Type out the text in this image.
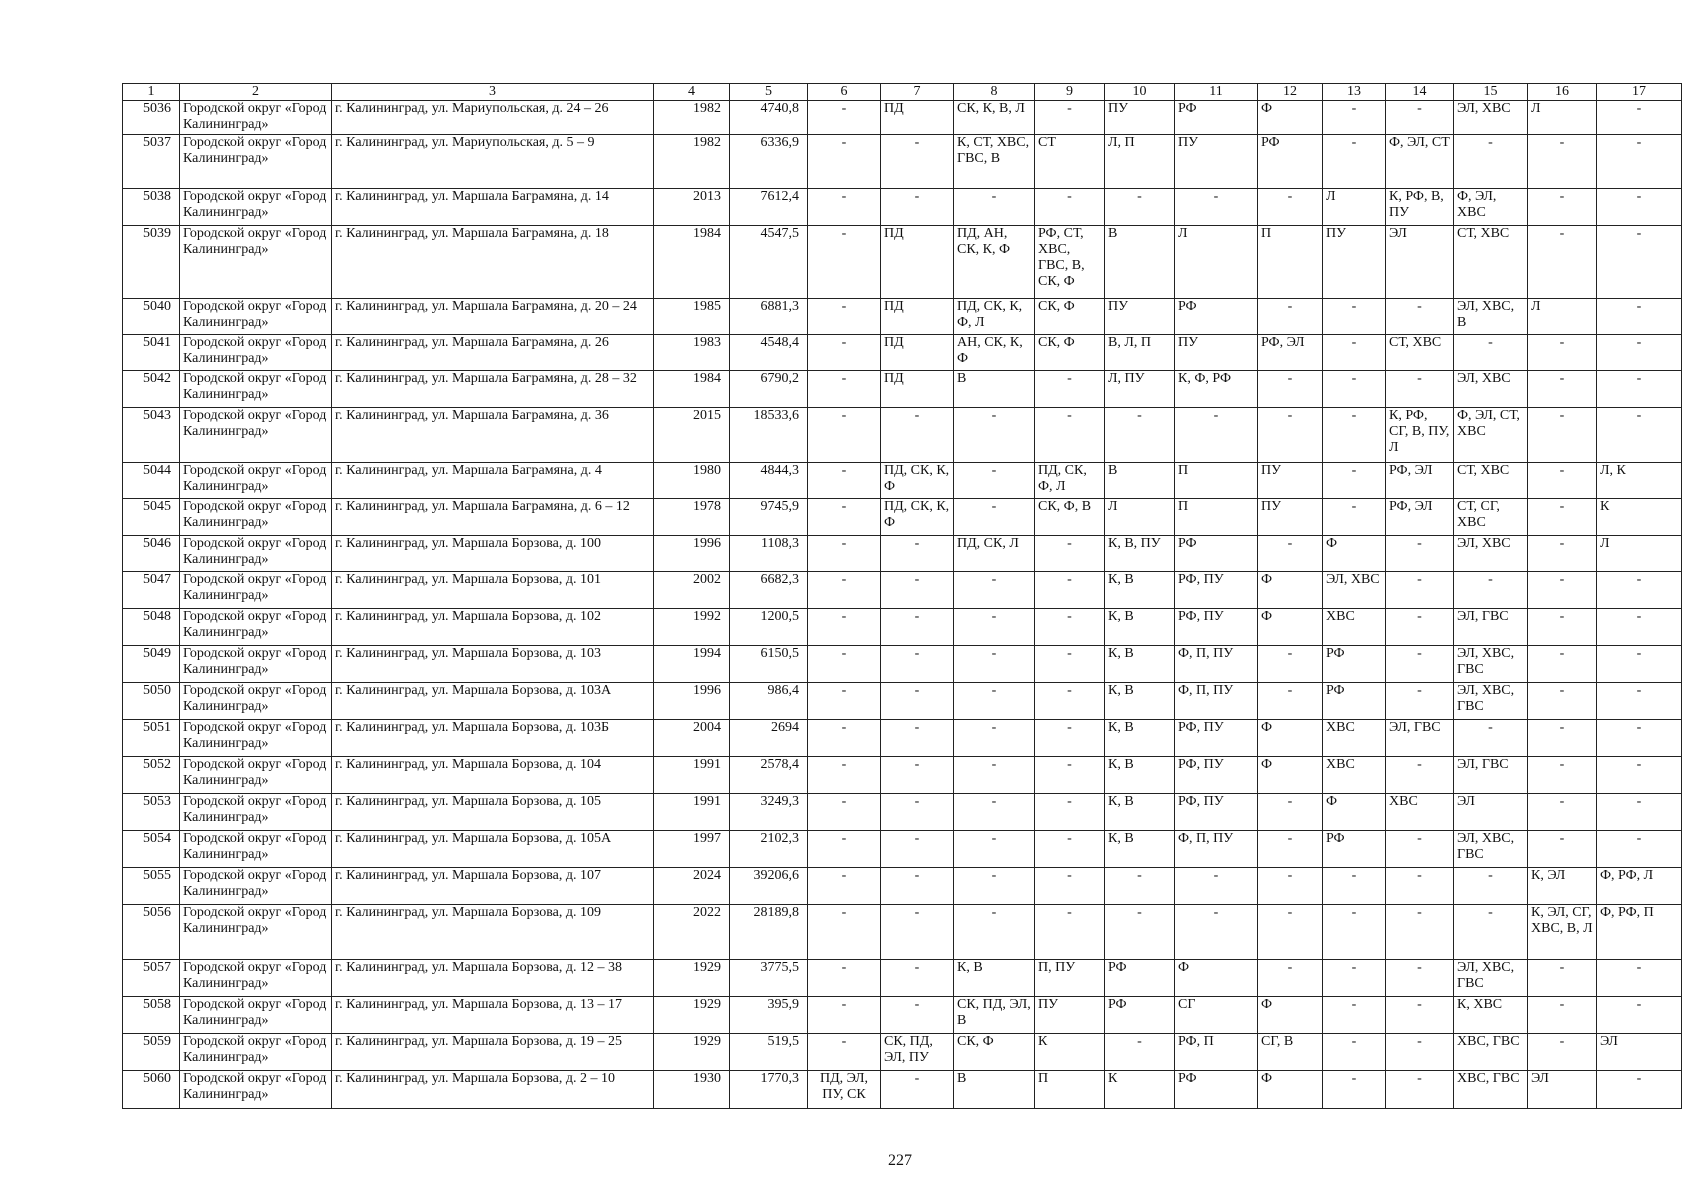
1	2	3	4	5	6	7	8	9	10	11	12	13	14	15	16	17
5036	Городской округ «Город Калининград»	г. Калининград, ул. Мариупольская, д. 24 – 26	1982	4740,8	-	ПД	СК, К, В, Л	-	ПУ	РФ	Ф	-	-	ЭЛ, ХВС	Л	-
5037	Городской округ «Город Калининград»	г. Калининград, ул. Мариупольская, д. 5 – 9	1982	6336,9	-	-	К, СТ, ХВС, ГВС, В	СТ	Л, П	ПУ	РФ	-	Ф, ЭЛ, СТ	-	-	-
5038	Городской округ «Город Калининград»	г. Калининград, ул. Маршала Баграмяна, д. 14	2013	7612,4	-	-	-	-	-	-	-	Л	К, РФ, В, ПУ	Ф, ЭЛ, ХВС	-	-
5039	Городской округ «Город Калининград»	г. Калининград, ул. Маршала Баграмяна, д. 18	1984	4547,5	-	ПД	ПД, АН, СК, К, Ф	РФ, СТ, ХВС, ГВС, В, СК, Ф	В	Л	П	ПУ	ЭЛ	СТ, ХВС	-	-
5040	Городской округ «Город Калининград»	г. Калининград, ул. Маршала Баграмяна, д. 20 – 24	1985	6881,3	-	ПД	ПД, СК, К, Ф, Л	СК, Ф	ПУ	РФ	-	-	-	ЭЛ, ХВС, В	Л	-
5041	Городской округ «Город Калининград»	г. Калининград, ул. Маршала Баграмяна, д. 26	1983	4548,4	-	ПД	АН, СК, К, Ф	СК, Ф	В, Л, П	ПУ	РФ, ЭЛ	-	СТ, ХВС	-	-	-
5042	Городской округ «Город Калининград»	г. Калининград, ул. Маршала Баграмяна, д. 28 – 32	1984	6790,2	-	ПД	В	-	Л, ПУ	К, Ф, РФ	-	-	-	ЭЛ, ХВС	-	-
5043	Городской округ «Город Калининград»	г. Калининград, ул. Маршала Баграмяна, д. 36	2015	18533,6	-	-	-	-	-	-	-	-	К, РФ, СГ, В, ПУ, Л	Ф, ЭЛ, СТ, ХВС	-	-
5044	Городской округ «Город Калининград»	г. Калининград, ул. Маршала Баграмяна, д. 4	1980	4844,3	-	ПД, СК, К, Ф	-	ПД, СК, Ф, Л	В	П	ПУ	-	РФ, ЭЛ	СТ, ХВС	-	Л, К
5045	Городской округ «Город Калининград»	г. Калининград, ул. Маршала Баграмяна, д. 6 – 12	1978	9745,9	-	ПД, СК, К, Ф	-	СК, Ф, В	Л	П	ПУ	-	РФ, ЭЛ	СТ, СГ, ХВС	-	К
5046	Городской округ «Город Калининград»	г. Калининград, ул. Маршала Борзова, д. 100	1996	1108,3	-	-	ПД, СК, Л	-	К, В, ПУ	РФ	-	Ф	-	ЭЛ, ХВС	-	Л
5047	Городской округ «Город Калининград»	г. Калининград, ул. Маршала Борзова, д. 101	2002	6682,3	-	-	-	-	К, В	РФ, ПУ	Ф	ЭЛ, ХВС	-	-	-	-
5048	Городской округ «Город Калининград»	г. Калининград, ул. Маршала Борзова, д. 102	1992	1200,5	-	-	-	-	К, В	РФ, ПУ	Ф	ХВС	-	ЭЛ, ГВС	-	-
5049	Городской округ «Город Калининград»	г. Калининград, ул. Маршала Борзова, д. 103	1994	6150,5	-	-	-	-	К, В	Ф, П, ПУ	-	РФ	-	ЭЛ, ХВС, ГВС	-	-
5050	Городской округ «Город Калининград»	г. Калининград, ул. Маршала Борзова, д. 103А	1996	986,4	-	-	-	-	К, В	Ф, П, ПУ	-	РФ	-	ЭЛ, ХВС, ГВС	-	-
5051	Городской округ «Город Калининград»	г. Калининград, ул. Маршала Борзова, д. 103Б	2004	2694	-	-	-	-	К, В	РФ, ПУ	Ф	ХВС	ЭЛ, ГВС	-	-	-
5052	Городской округ «Город Калининград»	г. Калининград, ул. Маршала Борзова, д. 104	1991	2578,4	-	-	-	-	К, В	РФ, ПУ	Ф	ХВС	-	ЭЛ, ГВС	-	-
5053	Городской округ «Город Калининград»	г. Калининград, ул. Маршала Борзова, д. 105	1991	3249,3	-	-	-	-	К, В	РФ, ПУ	-	Ф	ХВС	ЭЛ	-	-
5054	Городской округ «Город Калининград»	г. Калининград, ул. Маршала Борзова, д. 105А	1997	2102,3	-	-	-	-	К, В	Ф, П, ПУ	-	РФ	-	ЭЛ, ХВС, ГВС	-	-
5055	Городской округ «Город Калининград»	г. Калининград, ул. Маршала Борзова, д. 107	2024	39206,6	-	-	-	-	-	-	-	-	-	-	К, ЭЛ	Ф, РФ, Л
5056	Городской округ «Город Калининград»	г. Калининград, ул. Маршала Борзова, д. 109	2022	28189,8	-	-	-	-	-	-	-	-	-	-	К, ЭЛ, СГ, ХВС, В, Л	Ф, РФ, П
5057	Городской округ «Город Калининград»	г. Калининград, ул. Маршала Борзова, д. 12 – 38	1929	3775,5	-	-	К, В	П, ПУ	РФ	Ф	-	-	-	ЭЛ, ХВС, ГВС	-	-
5058	Городской округ «Город Калининград»	г. Калининград, ул. Маршала Борзова, д. 13 – 17	1929	395,9	-	-	СК, ПД, ЭЛ, В	ПУ	РФ	СГ	Ф	-	-	К, ХВС	-	-
5059	Городской округ «Город Калининград»	г. Калининград, ул. Маршала Борзова, д. 19 – 25	1929	519,5	-	СК, ПД, ЭЛ, ПУ	СК, Ф	К	-	РФ, П	СГ, В	-	-	ХВС, ГВС	-	ЭЛ
5060	Городской округ «Город Калининград»	г. Калининград, ул. Маршала Борзова, д. 2 – 10	1930	1770,3	ПД, ЭЛ, ПУ, СК	-	В	П	К	РФ	Ф	-	-	ХВС, ГВС	ЭЛ	-
227
